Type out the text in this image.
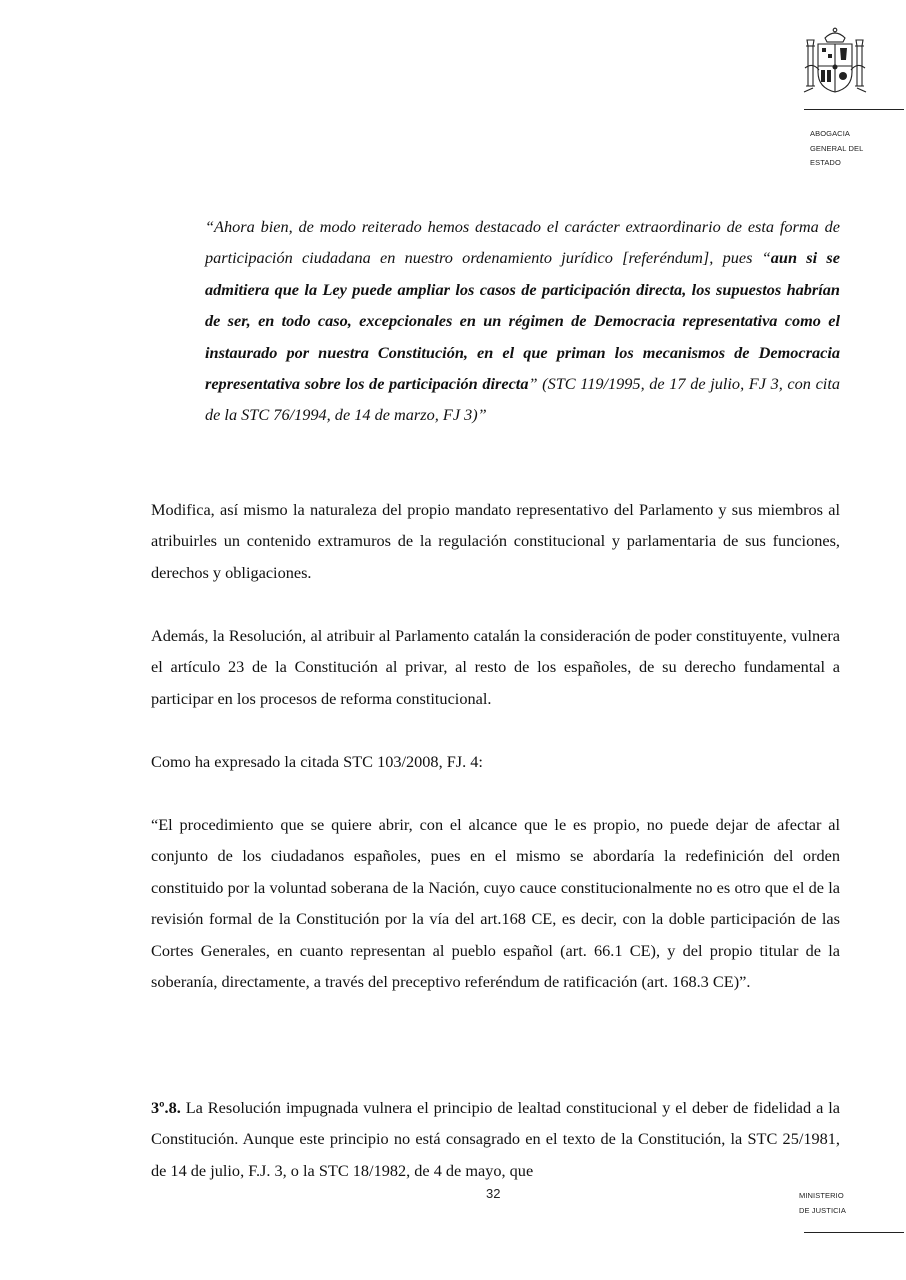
ABOGACIA
GENERAL DEL
ESTADO

“Ahora bien, de modo reiterado hemos destacado el carácter extraordinario de esta forma de participación ciudadana en nuestro ordenamiento jurídico [referéndum], pues “aun si se admitiera que la Ley puede ampliar los casos de participación directa, los supuestos habrían de ser, en todo caso, excepcionales en un régimen de Democracia representativa como el instaurado por nuestra Constitución, en el que priman los mecanismos de Democracia representativa sobre los de participación directa” (STC 119/1995, de 17 de julio, FJ 3, con cita de la STC 76/1994, de 14 de marzo, FJ 3)”

Modifica, así mismo la naturaleza del propio mandato representativo del Parlamento y sus miembros al atribuirles un contenido extramuros de la regulación constitucional y parlamentaria de sus funciones, derechos y obligaciones.

Además, la Resolución, al atribuir al Parlamento catalán la consideración de poder constituyente, vulnera el artículo 23 de la Constitución al privar, al resto de los españoles, de su derecho fundamental a participar en los procesos de reforma constitucional.

Como ha expresado la citada STC 103/2008, FJ. 4:

“El procedimiento que se quiere abrir, con el alcance que le es propio, no puede dejar de afectar al conjunto de los ciudadanos españoles, pues en el mismo se abordaría la redefinición del orden constituido por la voluntad soberana de la Nación, cuyo cauce constitucionalmente no es otro que el de la revisión formal de la Constitución por la vía del art.168 CE, es decir, con la doble participación de las Cortes Generales, en cuanto representan al pueblo español (art. 66.1 CE), y del propio titular de la soberanía, directamente, a través del preceptivo referéndum de ratificación (art. 168.3 CE)”.

3º.8. La Resolución impugnada vulnera el principio de lealtad constitucional y el deber de fidelidad a la Constitución. Aunque este principio no está consagrado en el texto de la Constitución, la STC 25/1981, de 14 de julio, F.J. 3, o la STC 18/1982, de 4 de mayo, que

32	MINISTERIO
DE JUSTICIA
